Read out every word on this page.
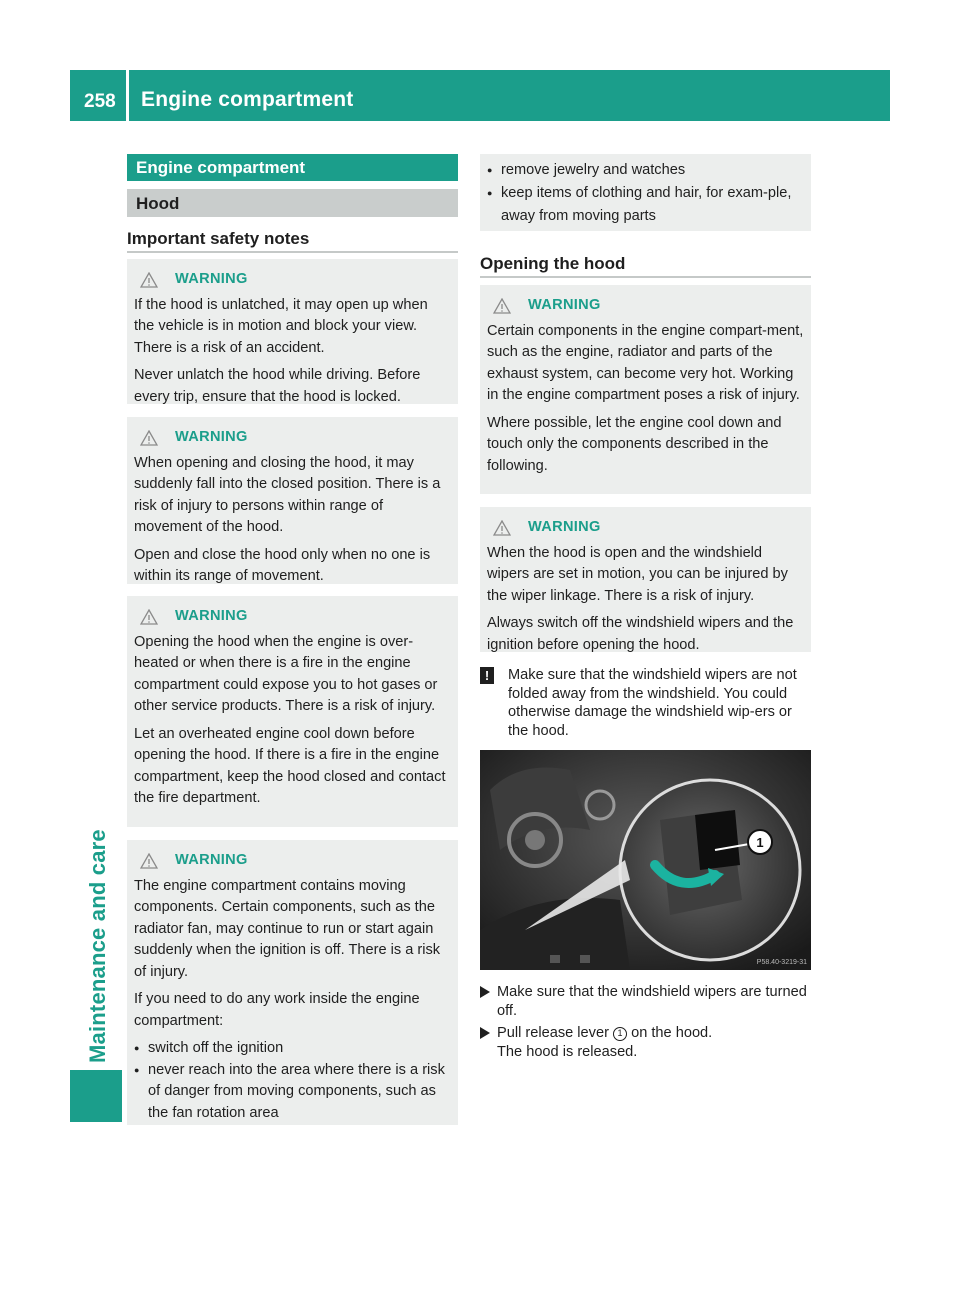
258 Engine compartment
Maintenance and care
Engine compartment
Hood
Important safety notes
WARNING

If the hood is unlatched, it may open up when the vehicle is in motion and block your view. There is a risk of an accident.

Never unlatch the hood while driving. Before every trip, ensure that the hood is locked.

WARNING

When opening and closing the hood, it may suddenly fall into the closed position. There is a risk of injury to persons within range of movement of the hood.

Open and close the hood only when no one is within its range of movement.

WARNING

Opening the hood when the engine is over-heated or when there is a fire in the engine compartment could expose you to hot gases or other service products. There is a risk of injury.

Let an overheated engine cool down before opening the hood. If there is a fire in the engine compartment, keep the hood closed and contact the fire department.

WARNING

The engine compartment contains moving components. Certain components, such as the radiator fan, may continue to run or start again suddenly when the ignition is off. There is a risk of injury.

If you need to do any work inside the engine compartment:

● switch off the ignition
● never reach into the area where there is a risk of danger from moving components, such as the fan rotation area
● remove jewelry and watches
● keep items of clothing and hair, for exam-ple, away from moving parts
Opening the hood
WARNING

Certain components in the engine compart-ment, such as the engine, radiator and parts of the exhaust system, can become very hot. Working in the engine compartment poses a risk of injury.

Where possible, let the engine cool down and touch only the components described in the following.

WARNING

When the hood is open and the windshield wipers are set in motion, you can be injured by the wiper linkage. There is a risk of injury.

Always switch off the windshield wipers and the ignition before opening the hood.

!	Make sure that the windshield wipers are not folded away from the windshield. You could otherwise damage the windshield wip-ers or the hood.
1
P58.40-3219-31
Make sure that the windshield wipers are turned off.
Pull release lever 1 on the hood.
The hood is released.
